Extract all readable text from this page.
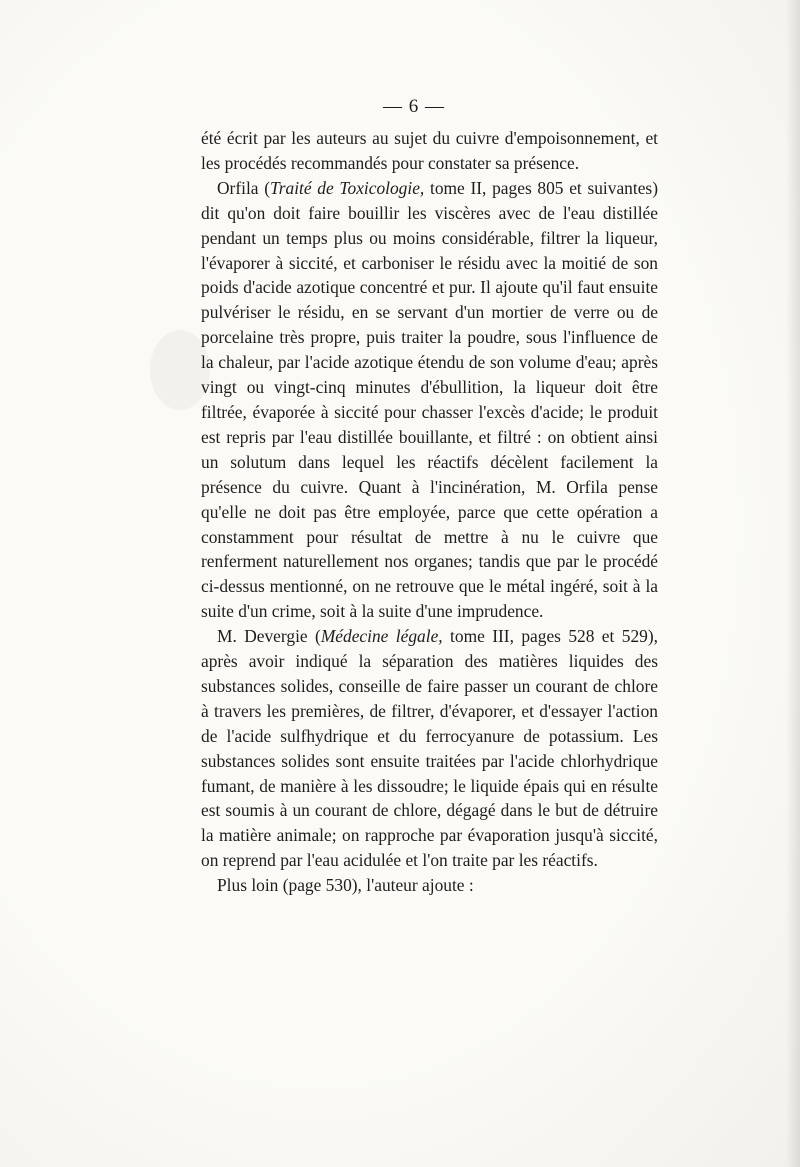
— 6 —

été écrit par les auteurs au sujet du cuivre d'empoisonnement, et les procédés recommandés pour constater sa présence.

Orfila (Traité de Toxicologie, tome II, pages 805 et suivantes) dit qu'on doit faire bouillir les viscères avec de l'eau distillée pendant un temps plus ou moins considérable, filtrer la liqueur, l'évaporer à siccité, et carboniser le résidu avec la moitié de son poids d'acide azotique concentré et pur. Il ajoute qu'il faut ensuite pulvériser le résidu, en se servant d'un mortier de verre ou de porcelaine très propre, puis traiter la poudre, sous l'influence de la chaleur, par l'acide azotique étendu de son volume d'eau; après vingt ou vingt-cinq minutes d'ébullition, la liqueur doit être filtrée, évaporée à siccité pour chasser l'excès d'acide; le produit est repris par l'eau distillée bouillante, et filtré : on obtient ainsi un solutum dans lequel les réactifs décèlent facilement la présence du cuivre. Quant à l'incinération, M. Orfila pense qu'elle ne doit pas être employée, parce que cette opération a constamment pour résultat de mettre à nu le cuivre que renferment naturellement nos organes; tandis que par le procédé ci-dessus mentionné, on ne retrouve que le métal ingéré, soit à la suite d'un crime, soit à la suite d'une imprudence.

M. Devergie (Médecine légale, tome III, pages 528 et 529), après avoir indiqué la séparation des matières liquides des substances solides, conseille de faire passer un courant de chlore à travers les premières, de filtrer, d'évaporer, et d'essayer l'action de l'acide sulfhydrique et du ferrocyanure de potassium. Les substances solides sont ensuite traitées par l'acide chlorhydrique fumant, de manière à les dissoudre; le liquide épais qui en résulte est soumis à un courant de chlore, dégagé dans le but de détruire la matière animale; on rapproche par évaporation jusqu'à siccité, on reprend par l'eau acidulée et l'on traite par les réactifs.

Plus loin (page 530), l'auteur ajoute :
